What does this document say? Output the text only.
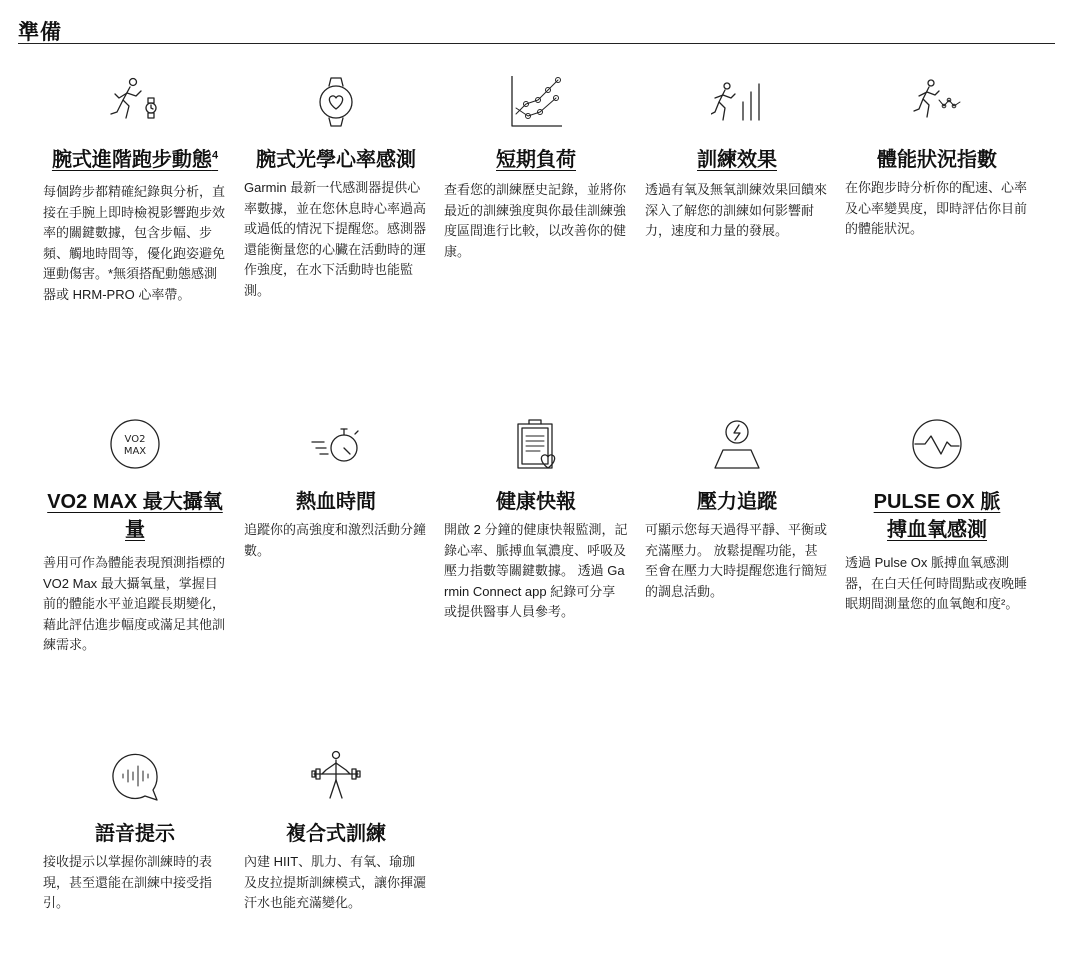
準備
腕式進階跑步動態$^4$
每個跨步都精確紀錄與分析，直接在手腕上即時檢視影響跑步效率的關鍵數據，包含步幅、步頻、觸地時間等，優化跑姿避免運動傷害。*無須搭配動態感測器或 HRM-PRO 心率帶。
腕式光學心率感測
Garmin 最新一代感測器提供心率數據，並在您休息時心率過高或過低的情況下提醒您。感測器還能衡量您的心臟在活動時的運作強度，在水下活動時也能監測。
短期負荷
查看您的訓練歷史記錄，並將你最近的訓練強度與你最佳訓練強度區間進行比較，以改善你的健康。
訓練效果
透過有氧及無氧訓練效果回饋來深入了解您的訓練如何影響耐力，速度和力量的發展。
體能狀況指數
在你跑步時分析你的配速、心率及心率變異度，即時評估你目前的體能狀況。
VO2
MAX
VO2 MAX 最大攝氧量
善用可作為體能表現預測指標的 VO2 Max 最大攝氧量，掌握目前的體能水平並追蹤長期變化，藉此評估進步幅度或滿足其他訓練需求。
熱血時間
追蹤你的高強度和激烈活動分鐘數。
健康快報
開啟 2 分鐘的健康快報監測，記錄心率、脈搏血氧濃度、呼吸及壓力指數等關鍵數據。 透過 Garmin Connect app 紀錄可分享或提供醫事人員參考。
壓力追蹤
可顯示您每天過得平靜、平衡或充滿壓力。 放鬆提醒功能，甚至會在壓力大時提醒您進行簡短的調息活動。
PULSE OX 脈搏血氧感測
透過 Pulse Ox 脈搏血氧感測器，在白天任何時間點或夜晚睡眠期間測量您的血氧飽和度²。
語音提示
接收提示以掌握你訓練時的表現，甚至還能在訓練中接受指引。
複合式訓練
內建 HIIT、肌力、有氧、瑜珈及皮拉提斯訓練模式，讓你揮灑汗水也能充滿變化。
